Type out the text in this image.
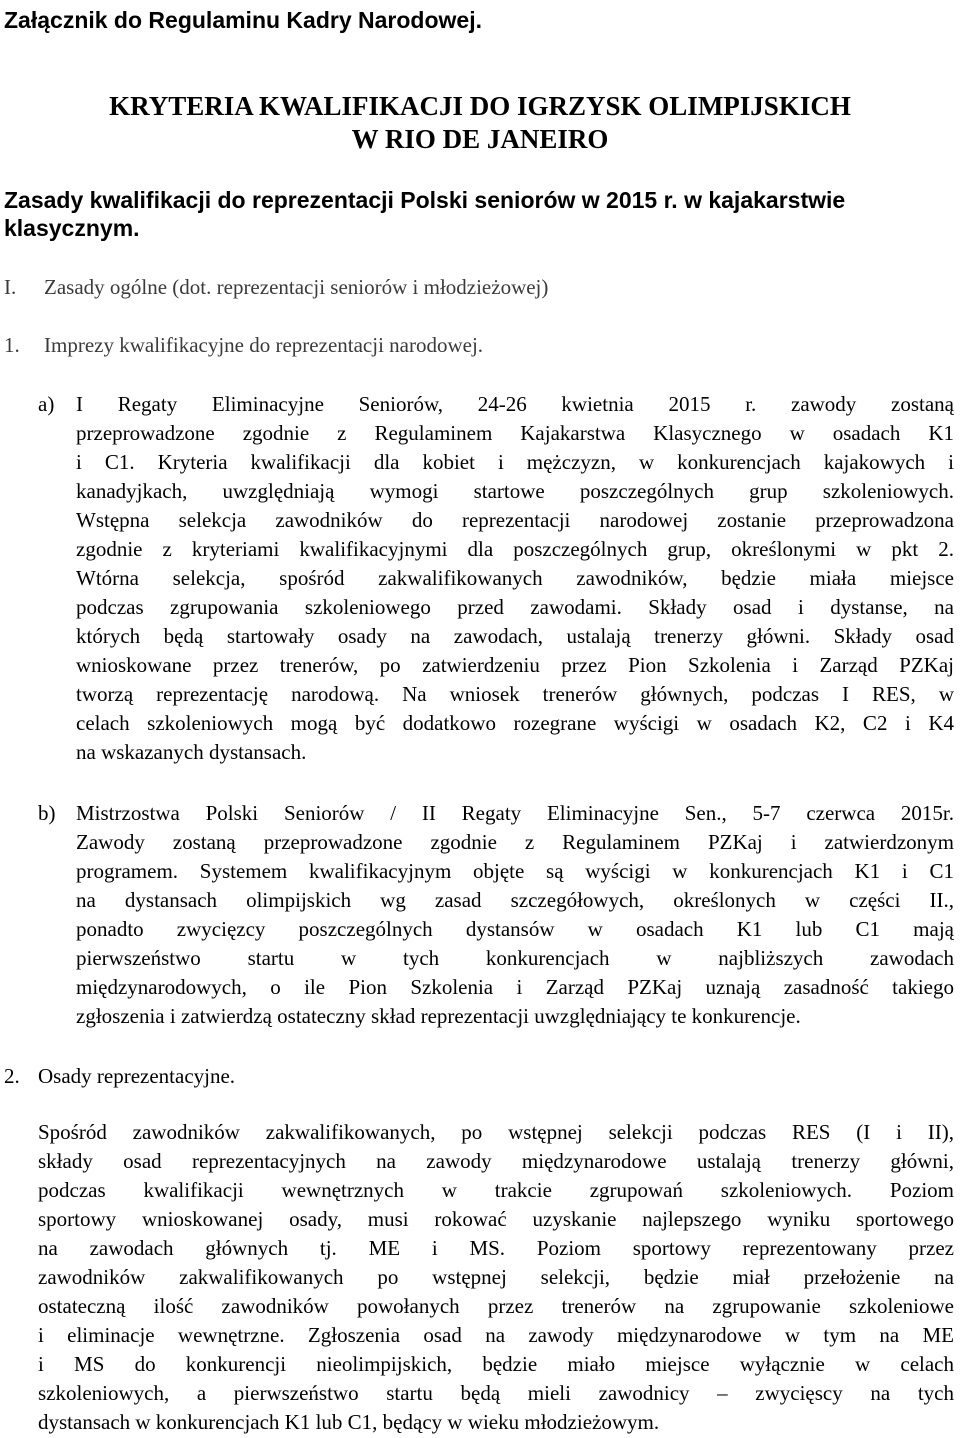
Załącznik do Regulaminu Kadry Narodowej.
KRYTERIA KWALIFIKACJI DO IGRZYSK OLIMPIJSKICH
W RIO DE JANEIRO
Zasady kwalifikacji do reprezentacji Polski seniorów w 2015 r. w kajakarstwie
klasycznym.
I. Zasady ogólne (dot. reprezentacji seniorów i młodzieżowej)
1. Imprezy kwalifikacyjne do reprezentacji narodowej.
a) I Regaty Eliminacyjne Seniorów, 24-26 kwietnia 2015 r. zawody zostaną
przeprowadzone zgodnie z Regulaminem Kajakarstwa Klasycznego w osadach K1
i C1. Kryteria kwalifikacji dla kobiet i mężczyzn, w konkurencjach kajakowych i
kanadyjkach, uwzględniają wymogi startowe poszczególnych grup szkoleniowych.
Wstępna selekcja zawodników do reprezentacji narodowej zostanie przeprowadzona
zgodnie z kryteriami kwalifikacyjnymi dla poszczególnych grup, określonymi w pkt 2.
Wtórna selekcja, spośród zakwalifikowanych zawodników, będzie miała miejsce
podczas zgrupowania szkoleniowego przed zawodami. Składy osad i dystanse, na
których będą startowały osady na zawodach, ustalają trenerzy główni. Składy osad
wnioskowane przez trenerów, po zatwierdzeniu przez Pion Szkolenia i Zarząd PZKaj
tworzą reprezentację narodową. Na wniosek trenerów głównych, podczas I RES, w
celach szkoleniowych mogą być dodatkowo rozegrane wyścigi w osadach K2, C2 i K4
na wskazanych dystansach.
b) Mistrzostwa Polski Seniorów / II Regaty Eliminacyjne Sen., 5-7 czerwca 2015r.
Zawody zostaną przeprowadzone zgodnie z Regulaminem PZKaj i zatwierdzonym
programem. Systemem kwalifikacyjnym objęte są wyścigi w konkurencjach K1 i C1
na dystansach olimpijskich wg zasad szczegółowych, określonych w części II.,
ponadto zwycięzcy poszczególnych dystansów w osadach K1 lub C1 mają
pierwszeństwo startu w tych konkurencjach w najbliższych zawodach
międzynarodowych, o ile Pion Szkolenia i Zarząd PZKaj uznają zasadność takiego
zgłoszenia i zatwierdzą ostateczny skład reprezentacji uwzględniający te konkurencje.
2. Osady reprezentacyjne.
Spośród zawodników zakwalifikowanych, po wstępnej selekcji podczas RES (I i II),
składy osad reprezentacyjnych na zawody międzynarodowe ustalają trenerzy główni,
podczas kwalifikacji wewnętrznych w trakcie zgrupowań szkoleniowych. Poziom
sportowy wnioskowanej osady, musi rokować uzyskanie najlepszego wyniku sportowego
na zawodach głównych tj. ME i MS. Poziom sportowy reprezentowany przez
zawodników zakwalifikowanych po wstępnej selekcji, będzie miał przełożenie na
ostateczną ilość zawodników powołanych przez trenerów na zgrupowanie szkoleniowe
i eliminacje wewnętrzne. Zgłoszenia osad na zawody międzynarodowe w tym na ME
i MS do konkurencji nieolimpijskich, będzie miało miejsce wyłącznie w celach
szkoleniowych, a pierwszeństwo startu będą mieli zawodnicy – zwycięscy na tych
dystansach w konkurencjach K1 lub C1, będący w wieku młodzieżowym.
